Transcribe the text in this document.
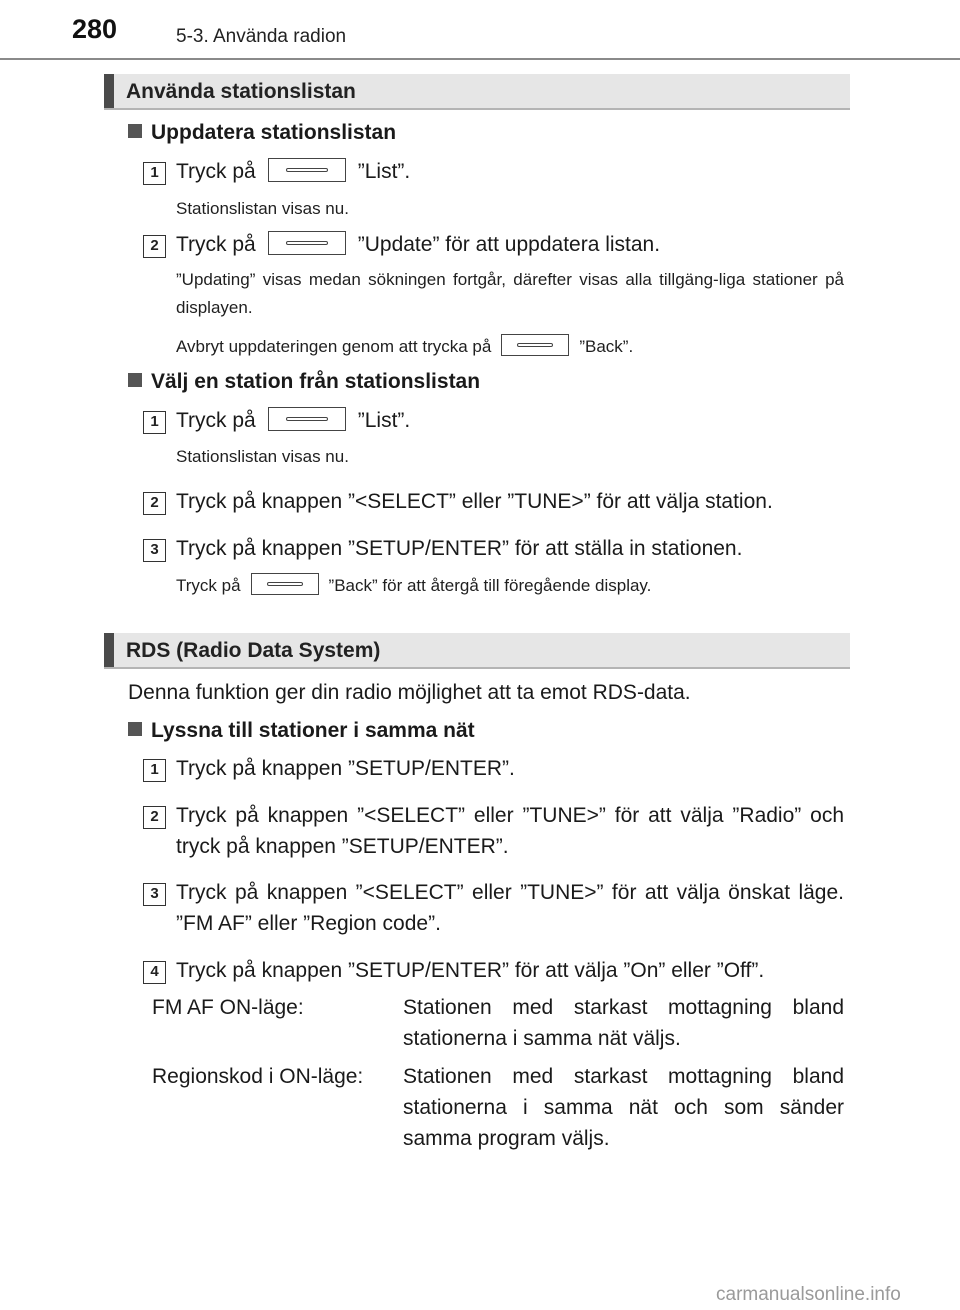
280	5-3. Använda radion
Använda stationslistan
Uppdatera stationslistan
1 Tryck på	”List”.
Stationslistan visas nu.
2 Tryck på	”Update” för att uppdatera listan.
”Updating” visas medan sökningen fortgår, därefter visas alla tillgäng-liga stationer på displayen.
Avbryt uppdateringen genom att trycka på	”Back”.
Välj en station från stationslistan
1 Tryck på	”List”.
Stationslistan visas nu.
2 Tryck på knappen ”<SELECT” eller ”TUNE>” för att välja station.
3 Tryck på knappen ”SETUP/ENTER” för att ställa in stationen.
Tryck på	”Back” för att återgå till föregående display.
RDS (Radio Data System)
Denna funktion ger din radio möjlighet att ta emot RDS-data.
Lyssna till stationer i samma nät
1 Tryck på knappen ”SETUP/ENTER”.
2 Tryck på knappen ”<SELECT” eller ”TUNE>” för att välja ”Radio” och tryck på knappen ”SETUP/ENTER”.
3 Tryck på knappen ”<SELECT” eller ”TUNE>” för att välja önskat läge. ”FM AF” eller ”Region code”.
4 Tryck på knappen ”SETUP/ENTER” för att välja ”On” eller ”Off”.
FM AF ON-läge:	Stationen med starkast mottagning bland stationerna i samma nät väljs.
Regionskod i ON-läge: Stationen med starkast mottagning bland stationerna i samma nät och som sänder samma program väljs.
carmanualsonline.info
